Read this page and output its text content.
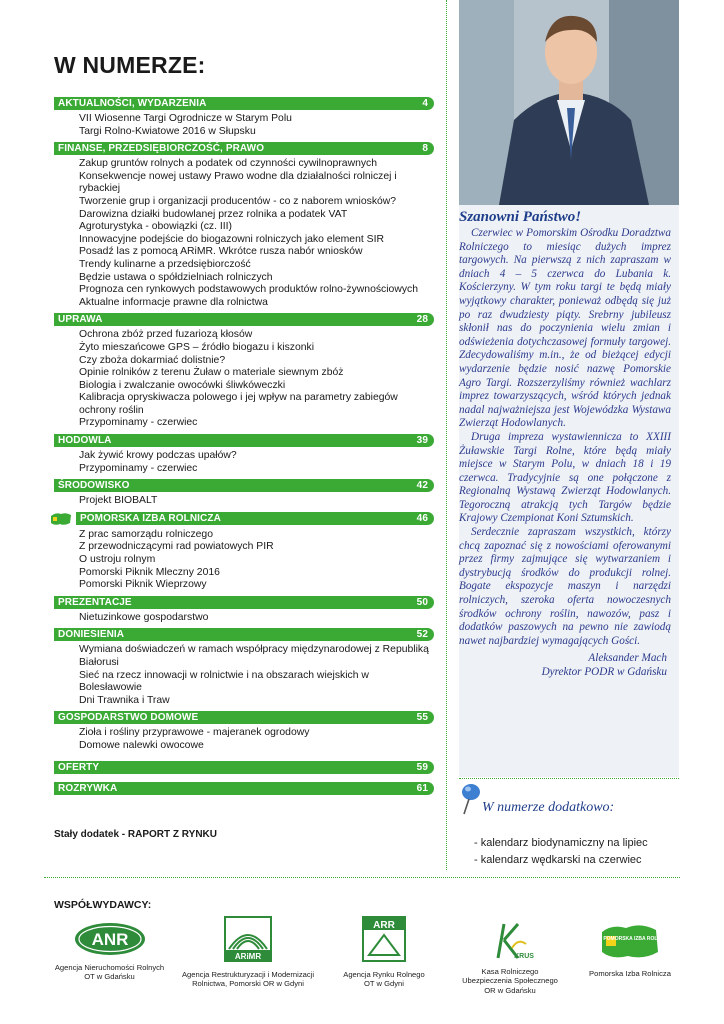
W NUMERZE:
AKTUALNOŚCI, WYDARZENIA	4
VII Wiosenne Targi Ogrodnicze w Starym Polu
Targi Rolno-Kwiatowe 2016 w Słupsku
FINANSE, PRZEDSIĘBIORCZOŚĆ, PRAWO	8
Zakup gruntów rolnych a podatek od czynności cywilnoprawnych
Konsekwencje nowej ustawy Prawo wodne dla działalności rolniczej i rybackiej
Tworzenie grup i organizacji producentów - co z naborem wniosków?
Darowizna działki budowlanej przez rolnika a podatek VAT
Agroturystyka - obowiązki (cz. III)
Innowacyjne podejście do biogazowni rolniczych jako element SIR
Posadź las z pomocą ARiMR. Wkrótce rusza nabór wniosków
Trendy kulinarne a przedsiębiorczość
Będzie ustawa o spółdzielniach rolniczych
Prognoza cen rynkowych podstawowych produktów rolno-żywnościowych
Aktualne informacje prawne dla rolnictwa
UPRAWA	28
Ochrona zbóż przed fuzariozą kłosów
Żyto mieszańcowe GPS – źródło biogazu i kiszonki
Czy zboża dokarmiać dolistnie?
Opinie rolników z terenu Żuław o materiale siewnym zbóż
Biologia i zwalczanie owocówki śliwkóweczki
Kalibracja opryskiwacza polowego i jej wpływ na parametry zabiegów
ochrony roślin
Przypominamy - czerwiec
HODOWLA	39
Jak żywić krowy podczas upałów?
Przypominamy - czerwiec
ŚRODOWISKO	42
Projekt BIOBALT
POMORSKA IZBA ROLNICZA	46
Z prac samorządu rolniczego
Z przewodniczącymi rad powiatowych PIR
O ustroju rolnym
Pomorski Piknik Mleczny 2016
Pomorski Piknik Wieprzowy
PREZENTACJE	50
Nietuzinkowe gospodarstwo
DONIESIENIA	52
Wymiana doświadczeń w ramach współpracy międzynarodowej z Republiką
Białorusi
Sieć na rzecz innowacji w rolnictwie i na obszarach wiejskich w Bolesławowie
Dni Trawnika i Traw
GOSPODARSTWO DOMOWE	55
Zioła i rośliny przyprawowe - majeranek ogrodowy
Domowe nalewki owocowe
OFERTY	59
ROZRYWKA	61
Stały dodatek - RAPORT Z RYNKU
Szanowni Państwo!

Czerwiec w Pomorskim Ośrodku Doradztwa Rolniczego to miesiąc dużych imprez targowych. Na pierwszą z nich zapraszam w dniach 4 – 5 czerwca do Lubania k. Kościerzyny. W tym roku targi te będą miały wyjątkowy charakter, ponieważ odbędą się już po raz dwudziesty piąty. Srebrny jubileusz skłonił nas do poczynienia wielu zmian i odświeżenia dotychczasowej formuły targowej. Zdecydowaliśmy m.in., że od bieżącej edycji wydarzenie będzie nosić nazwę Pomorskie Agro Targi. Rozszerzyliśmy również wachlarz imprez towarzyszących, wśród których jednak nadal najważniejsza jest Wojewódzka Wystawa Zwierząt Hodowlanych.

Druga impreza wystawiennicza to XXIII Żuławskie Targi Rolne, które będą miały miejsce w Starym Polu, w dniach 18 i 19 czerwca. Tradycyjnie są one połączone z Regionalną Wystawą Zwierząt Hodowlanych. Tegoroczną atrakcją tych Targów będzie Krajowy Czempionat Koni Sztumskich.

Serdecznie zapraszam wszystkich, którzy chcą zapoznać się z nowościami oferowanymi przez firmy zajmujące się wytwarzaniem i dystrybucją środków do produkcji rolnej. Bogate ekspozycje maszyn i narzędzi rolniczych, szeroka oferta nowoczesnych środków ochrony roślin, nawozów, pasz i dodatków paszowych na pewno nie zawiodą nawet najbardziej wymagających Gości.

Aleksander Mach
Dyrektor PODR w Gdańsku
W numerze dodatkowo:
- kalendarz biodynamiczny na lipiec
- kalendarz wędkarski na czerwiec
WSPÓŁWYDAWCY:
ANR
Agencja Nieruchomości Rolnych
OT w Gdańsku
ARiMR
Agencja Restrukturyzacji i Modernizacji
Rolnictwa, Pomorski OR w Gdyni
ARR
Agencja Rynku Rolnego
OT w Gdyni
KRUS
Kasa Rolniczego
Ubezpieczenia Społecznego
OR w Gdańsku
POMORSKA IZBA ROLNICZA
Pomorska Izba Rolnicza
